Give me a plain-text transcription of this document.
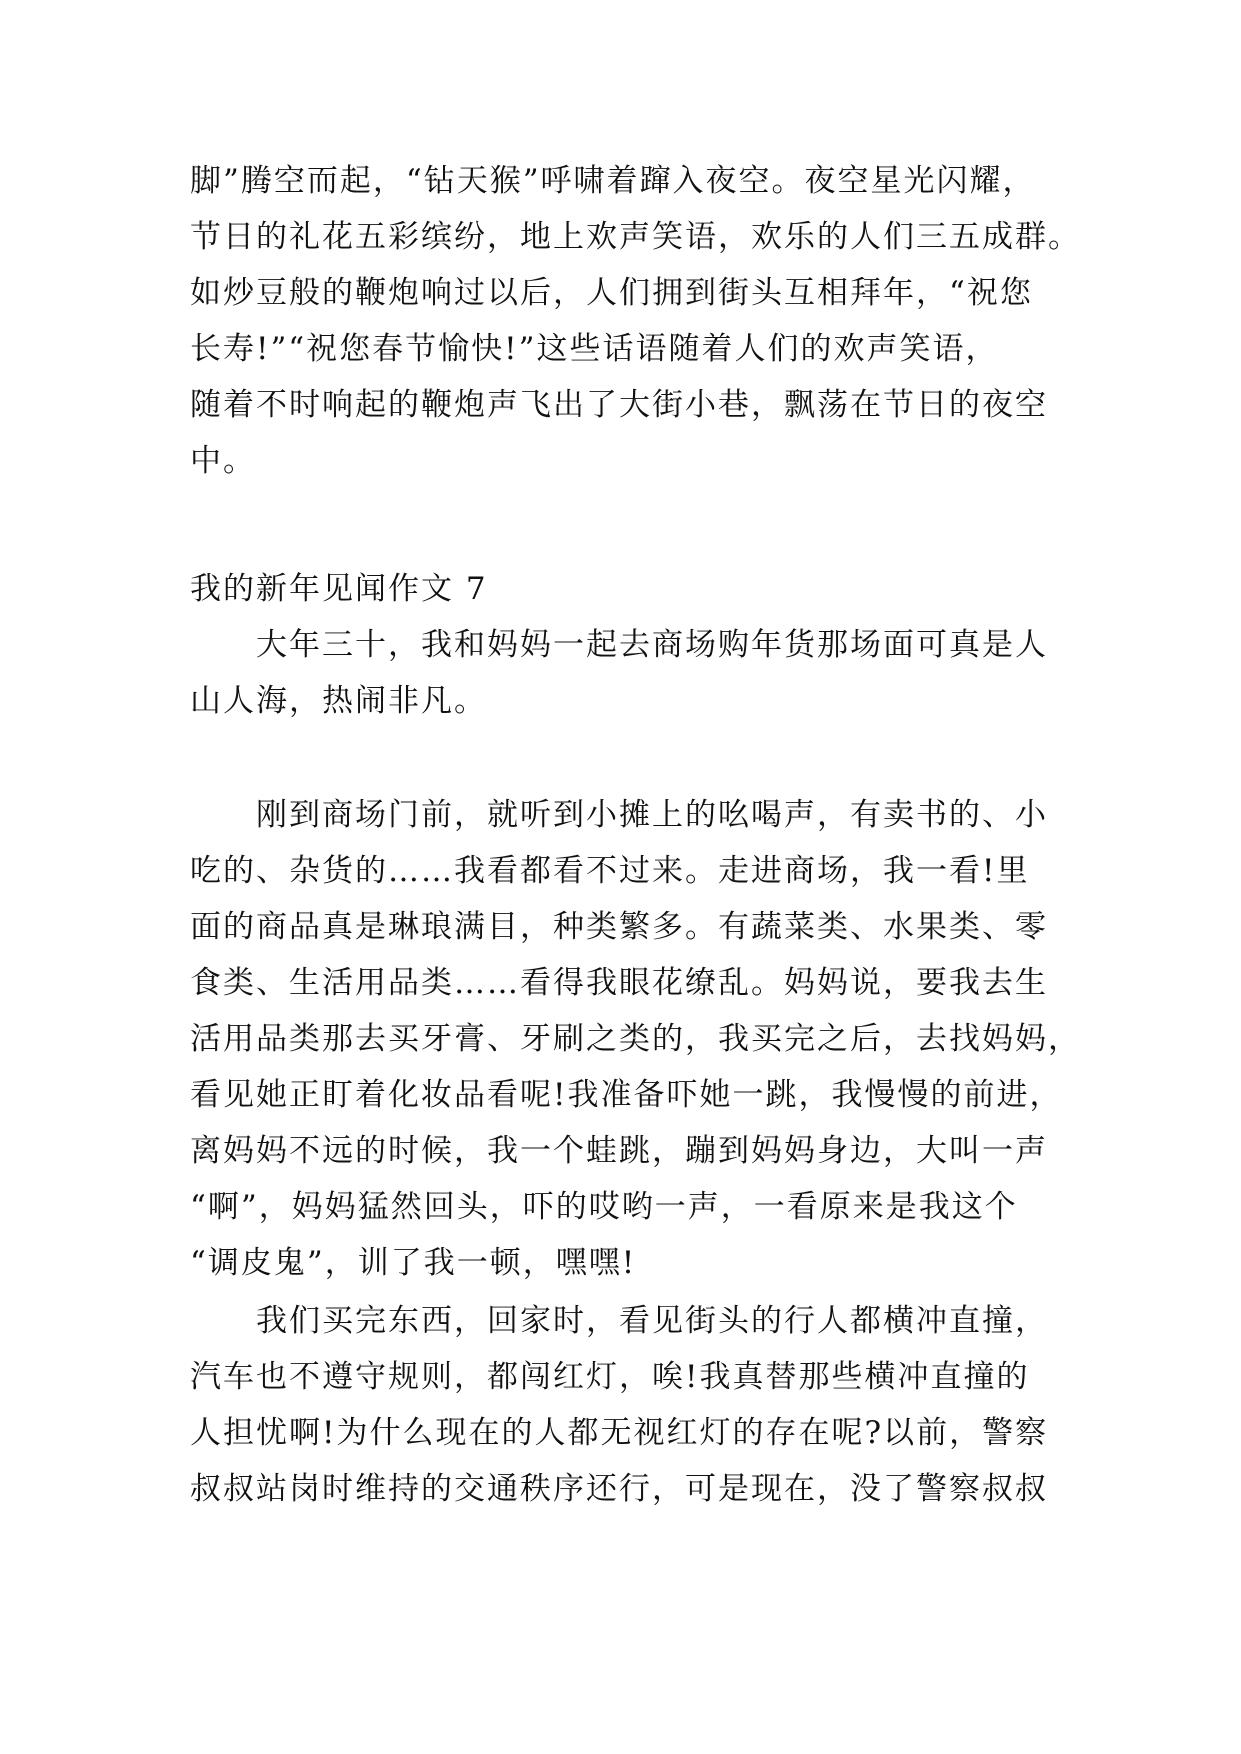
脚”腾空而起，“钻天猴”呼啸着蹿入夜空。夜空星光闪耀，
节日的礼花五彩缤纷，地上欢声笑语，欢乐的人们三五成群。
如炒豆般的鞭炮响过以后，人们拥到街头互相拜年，“祝您
长寿!”“祝您春节愉快!”这些话语随着人们的欢声笑语，
随着不时响起的鞭炮声飞出了大街小巷，飘荡在节日的夜空
中。
我的新年见闻作文 7
大年三十，我和妈妈一起去商场购年货那场面可真是人
山人海，热闹非凡。
刚到商场门前，就听到小摊上的吆喝声，有卖书的、小
吃的、杂货的……我看都看不过来。走进商场，我一看!里
面的商品真是琳琅满目，种类繁多。有蔬菜类、水果类、零
食类、生活用品类……看得我眼花缭乱。妈妈说，要我去生
活用品类那去买牙膏、牙刷之类的，我买完之后，去找妈妈，
看见她正盯着化妆品看呢!我准备吓她一跳，我慢慢的前进，
离妈妈不远的时候，我一个蛙跳，蹦到妈妈身边，大叫一声
“啊”，妈妈猛然回头，吓的哎哟一声，一看原来是我这个
“调皮鬼”，训了我一顿，嘿嘿!
我们买完东西，回家时，看见街头的行人都横冲直撞，
汽车也不遵守规则，都闯红灯，唉!我真替那些横冲直撞的
人担忧啊!为什么现在的人都无视红灯的存在呢?以前，警察
叔叔站岗时维持的交通秩序还行，可是现在，没了警察叔叔
